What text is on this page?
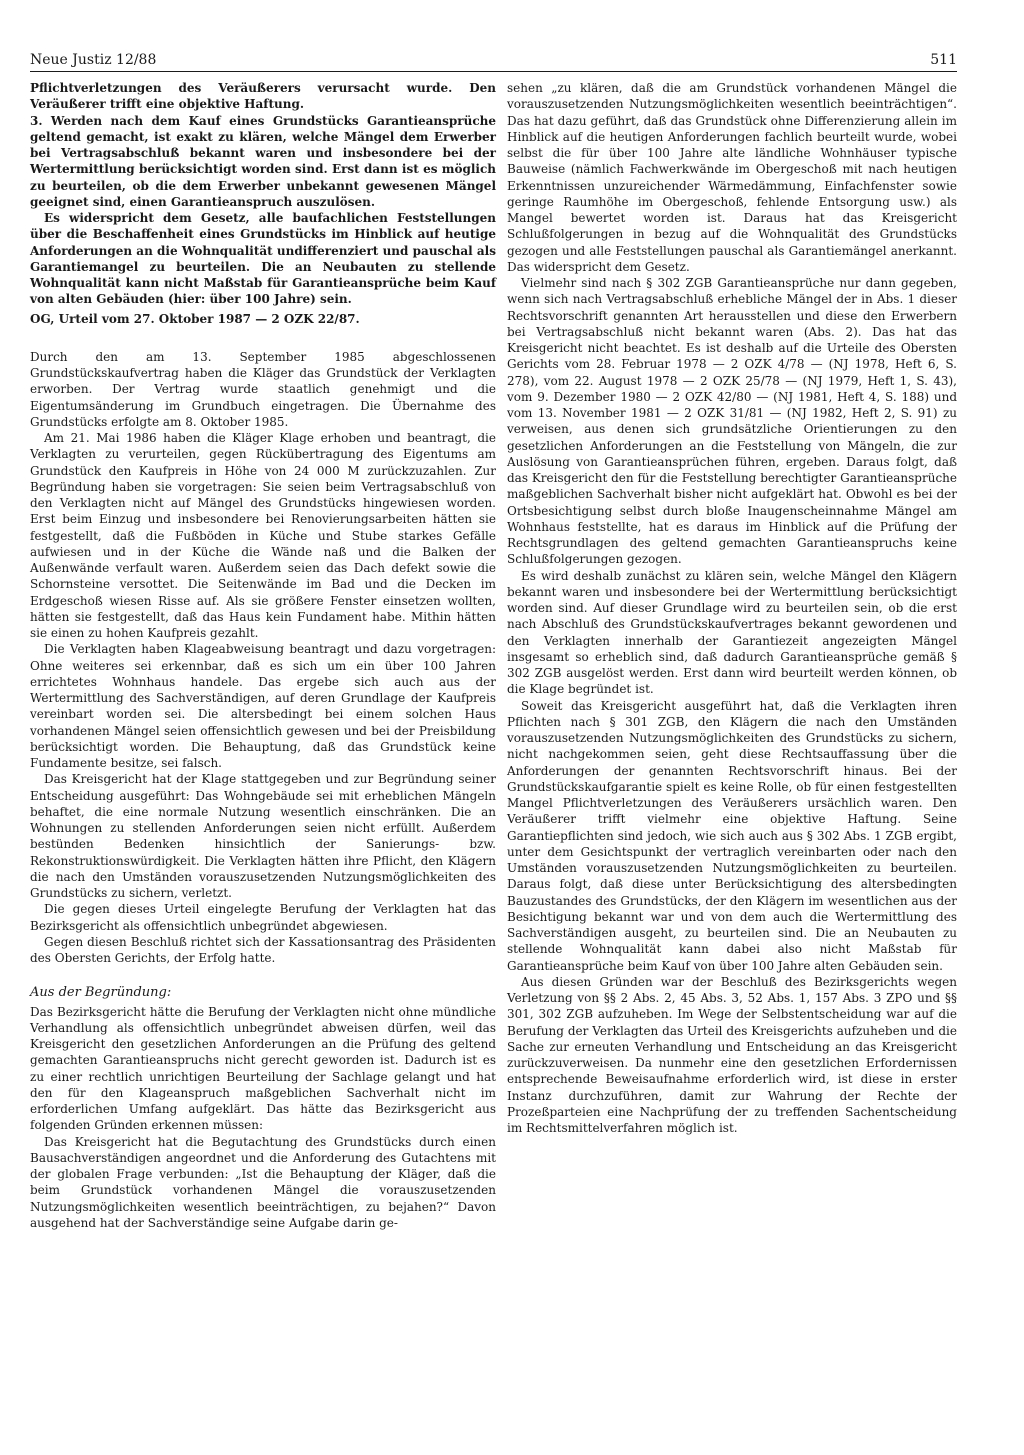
Neue Justiz 12/88	511

Pflichtverletzungen des Veräußerers verursacht wurde. Den Veräußerer trifft eine objektive Haftung.

3. Werden nach dem Kauf eines Grundstücks Garantieansprüche geltend gemacht, ist exakt zu klären, welche Mängel dem Erwerber bei Vertragsabschluß bekannt waren und insbesondere bei der Wertermittlung berücksichtigt worden sind. Erst dann ist es möglich zu beurteilen, ob die dem Erwerber unbekannt gewesenen Mängel geeignet sind, einen Garantieanspruch auszulösen.

Es widerspricht dem Gesetz, alle baufachlichen Feststellungen über die Beschaffenheit eines Grundstücks im Hinblick auf heutige Anforderungen an die Wohnqualität undifferenziert und pauschal als Garantiemangel zu beurteilen. Die an Neubauten zu stellende Wohnqualität kann nicht Maßstab für Garantieansprüche beim Kauf von alten Gebäuden (hier: über 100 Jahre) sein.

OG, Urteil vom 27. Oktober 1987 — 2 OZK 22/87.

Durch den am 13. September 1985 abgeschlossenen Grundstückskaufvertrag haben die Kläger das Grundstück der Verklagten erworben. Der Vertrag wurde staatlich genehmigt und die Eigentumsänderung im Grundbuch eingetragen. Die Übernahme des Grundstücks erfolgte am 8. Oktober 1985.

Am 21. Mai 1986 haben die Kläger Klage erhoben und beantragt, die Verklagten zu verurteilen, gegen Rückübertragung des Eigentums am Grundstück den Kaufpreis in Höhe von 24 000 M zurückzuzahlen. Zur Begründung haben sie vorgetragen: Sie seien beim Vertragsabschluß von den Verklagten nicht auf Mängel des Grundstücks hingewiesen worden. Erst beim Einzug und insbesondere bei Renovierungsarbeiten hätten sie festgestellt, daß die Fußböden in Küche und Stube starkes Gefälle aufwiesen und in der Küche die Wände naß und die Balken der Außenwände verfault waren. Außerdem seien das Dach defekt sowie die Schornsteine versottet. Die Seitenwände im Bad und die Decken im Erdgeschoß wiesen Risse auf. Als sie größere Fenster einsetzen wollten, hätten sie festgestellt, daß das Haus kein Fundament habe. Mithin hätten sie einen zu hohen Kaufpreis gezahlt.

Die Verklagten haben Klageabweisung beantragt und dazu vorgetragen: Ohne weiteres sei erkennbar, daß es sich um ein über 100 Jahren errichtetes Wohnhaus handele. Das ergebe sich auch aus der Wertermittlung des Sachverständigen, auf deren Grundlage der Kaufpreis vereinbart worden sei. Die altersbedingt bei einem solchen Haus vorhandenen Mängel seien offensichtlich gewesen und bei der Preisbildung berücksichtigt worden. Die Behauptung, daß das Grundstück keine Fundamente besitze, sei falsch.

Das Kreisgericht hat der Klage stattgegeben und zur Begründung seiner Entscheidung ausgeführt: Das Wohngebäude sei mit erheblichen Mängeln behaftet, die eine normale Nutzung wesentlich einschränken. Die an Wohnungen zu stellenden Anforderungen seien nicht erfüllt. Außerdem bestünden Bedenken hinsichtlich der Sanierungs- bzw. Rekonstruktionswürdigkeit. Die Verklagten hätten ihre Pflicht, den Klägern die nach den Umständen vorauszusetzenden Nutzungsmöglichkeiten des Grundstücks zu sichern, verletzt.

Die gegen dieses Urteil eingelegte Berufung der Verklagten hat das Bezirksgericht als offensichtlich unbegründet abgewiesen.

Gegen diesen Beschluß richtet sich der Kassationsantrag des Präsidenten des Obersten Gerichts, der Erfolg hatte.

Aus der Begründung:

Das Bezirksgericht hätte die Berufung der Verklagten nicht ohne mündliche Verhandlung als offensichtlich unbegründet abweisen dürfen, weil das Kreisgericht den gesetzlichen Anforderungen an die Prüfung des geltend gemachten Garantieanspruchs nicht gerecht geworden ist. Dadurch ist es zu einer rechtlich unrichtigen Beurteilung der Sachlage gelangt und hat den für den Klageanspruch maßgeblichen Sachverhalt nicht im erforderlichen Umfang aufgeklärt. Das hätte das Bezirksgericht aus folgenden Gründen erkennen müssen:

Das Kreisgericht hat die Begutachtung des Grundstücks durch einen Bausachverständigen angeordnet und die Anforderung des Gutachtens mit der globalen Frage verbunden: „Ist die Behauptung der Kläger, daß die beim Grundstück vorhandenen Mängel die vorauszusetzenden Nutzungsmöglichkeiten wesentlich beeinträchtigen, zu bejahen?“ Davon ausgehend hat der Sachverständige seine Aufgabe darin ge-

sehen „zu klären, daß die am Grundstück vorhandenen Mängel die vorauszusetzenden Nutzungsmöglichkeiten wesentlich beeinträchtigen“. Das hat dazu geführt, daß das Grundstück ohne Differenzierung allein im Hinblick auf die heutigen Anforderungen fachlich beurteilt wurde, wobei selbst die für über 100 Jahre alte ländliche Wohnhäuser typische Bauweise (nämlich Fachwerkwände im Obergeschoß mit nach heutigen Erkenntnissen unzureichender Wärmedämmung, Einfachfenster sowie geringe Raumhöhe im Obergeschoß, fehlende Entsorgung usw.) als Mangel bewertet worden ist. Daraus hat das Kreisgericht Schlußfolgerungen in bezug auf die Wohnqualität des Grundstücks gezogen und alle Feststellungen pauschal als Garantiemängel anerkannt. Das widerspricht dem Gesetz.

Vielmehr sind nach § 302 ZGB Garantieansprüche nur dann gegeben, wenn sich nach Vertragsabschluß erhebliche Mängel der in Abs. 1 dieser Rechtsvorschrift genannten Art herausstellen und diese den Erwerbern bei Vertragsabschluß nicht bekannt waren (Abs. 2). Das hat das Kreisgericht nicht beachtet. Es ist deshalb auf die Urteile des Obersten Gerichts vom 28. Februar 1978 — 2 OZK 4/78 — (NJ 1978, Heft 6, S. 278), vom 22. August 1978 — 2 OZK 25/78 — (NJ 1979, Heft 1, S. 43), vom 9. Dezember 1980 — 2 OZK 42/80 — (NJ 1981, Heft 4, S. 188) und vom 13. November 1981 — 2 OZK 31/81 — (NJ 1982, Heft 2, S. 91) zu verweisen, aus denen sich grundsätzliche Orientierungen zu den gesetzlichen Anforderungen an die Feststellung von Mängeln, die zur Auslösung von Garantieansprüchen führen, ergeben. Daraus folgt, daß das Kreisgericht den für die Feststellung berechtigter Garantieansprüche maßgeblichen Sachverhalt bisher nicht aufgeklärt hat. Obwohl es bei der Ortsbesichtigung selbst durch bloße Inaugenscheinnahme Mängel am Wohnhaus feststellte, hat es daraus im Hinblick auf die Prüfung der Rechtsgrundlagen des geltend gemachten Garantieanspruchs keine Schlußfolgerungen gezogen.

Es wird deshalb zunächst zu klären sein, welche Mängel den Klägern bekannt waren und insbesondere bei der Wertermittlung berücksichtigt worden sind. Auf dieser Grundlage wird zu beurteilen sein, ob die erst nach Abschluß des Grundstückskaufvertrages bekannt gewordenen und den Verklagten innerhalb der Garantiezeit angezeigten Mängel insgesamt so erheblich sind, daß dadurch Garantieansprüche gemäß § 302 ZGB ausgelöst werden. Erst dann wird beurteilt werden können, ob die Klage begründet ist.

Soweit das Kreisgericht ausgeführt hat, daß die Verklagten ihren Pflichten nach § 301 ZGB, den Klägern die nach den Umständen vorauszusetzenden Nutzungsmöglichkeiten des Grundstücks zu sichern, nicht nachgekommen seien, geht diese Rechtsauffassung über die Anforderungen der genannten Rechtsvorschrift hinaus. Bei der Grundstückskaufgarantie spielt es keine Rolle, ob für einen festgestellten Mangel Pflichtverletzungen des Veräußerers ursächlich waren. Den Veräußerer trifft vielmehr eine objektive Haftung. Seine Garantiepflichten sind jedoch, wie sich auch aus § 302 Abs. 1 ZGB ergibt, unter dem Gesichtspunkt der vertraglich vereinbarten oder nach den Umständen vorauszusetzenden Nutzungsmöglichkeiten zu beurteilen. Daraus folgt, daß diese unter Berücksichtigung des altersbedingten Bauzustandes des Grundstücks, der den Klägern im wesentlichen aus der Besichtigung bekannt war und von dem auch die Wertermittlung des Sachverständigen ausgeht, zu beurteilen sind. Die an Neubauten zu stellende Wohnqualität kann dabei also nicht Maßstab für Garantieansprüche beim Kauf von über 100 Jahre alten Gebäuden sein.

Aus diesen Gründen war der Beschluß des Bezirksgerichts wegen Verletzung von §§ 2 Abs. 2, 45 Abs. 3, 52 Abs. 1, 157 Abs. 3 ZPO und §§ 301, 302 ZGB aufzuheben. Im Wege der Selbstentscheidung war auf die Berufung der Verklagten das Urteil des Kreisgerichts aufzuheben und die Sache zur erneuten Verhandlung und Entscheidung an das Kreisgericht zurückzuverweisen. Da nunmehr eine den gesetzlichen Erfordernissen entsprechende Beweisaufnahme erforderlich wird, ist diese in erster Instanz durchzuführen, damit zur Wahrung der Rechte der Prozeßparteien eine Nachprüfung der zu treffenden Sachentscheidung im Rechtsmittelverfahren möglich ist.
